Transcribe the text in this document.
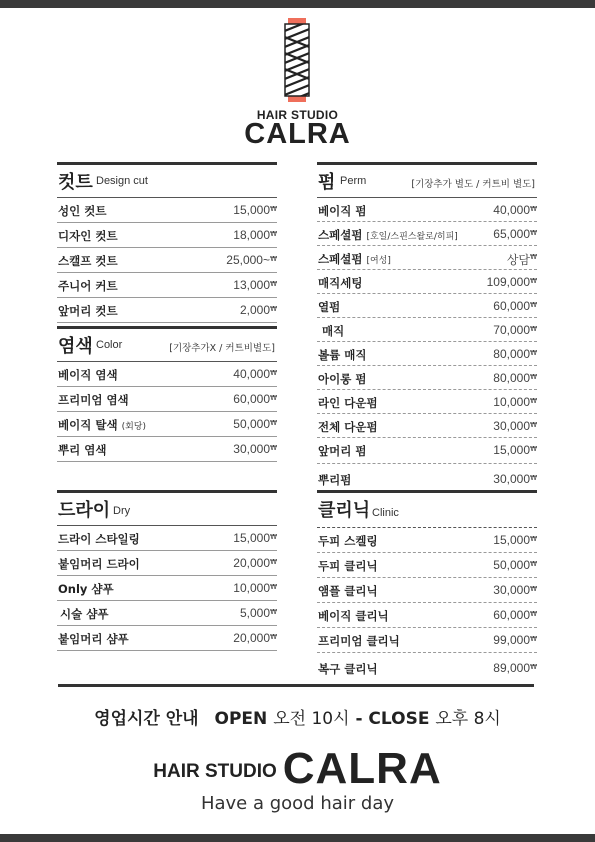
HAIR STUDIO
CALRA
컷트 Design cut
성인 컷트	15,000 ₩
디자인 컷트	18,000 ₩
스캘프 컷트	25,000~ ₩
주니어 커트	13,000 ₩
앞머리 컷트	2,000 ₩
염색 Color	[기장추가X / 커트비별도]
베이직 염색	40,000 ₩
프리미엄 염색	60,000 ₩
베이직 탈색 (회당)	50,000 ₩
뿌리 염색	30,000 ₩
드라이 Dry
드라이 스타일링	15,000 ₩
붙임머리 드라이	20,000 ₩
Only 샴푸	10,000 ₩
시술 샴푸	5,000 ₩
붙임머리 샴푸	20,000 ₩
펌 Perm	[기장추가 별도 / 커트비 별도]
베이직 펌	40,000 ₩
스페셜펌 [호일/스핀스왈로/히피]	65,000 ₩
스페셜펌 [여성]	상담 ₩
매직세팅	109,000 ₩
열펌	60,000 ₩
매직	70,000 ₩
볼륨 매직	80,000 ₩
아이롱 펌	80,000 ₩
라인 다운펌	10,000 ₩
전체 다운펌	30,000 ₩
앞머리 펌	15,000 ₩
뿌리펌	30,000 ₩
클리닉 Clinic
두피 스켈링	15,000 ₩
두피 클리닉	50,000 ₩
앰플 클리닉	30,000 ₩
베이직 클리닉	60,000 ₩
프리미엄 클리닉	99,000 ₩
복구 클리닉	89,000 ₩
영업시간 안내 OPEN 오전 10시 - CLOSE 오후 8시
HAIR STUDIO CALRA
Have a good hair day
